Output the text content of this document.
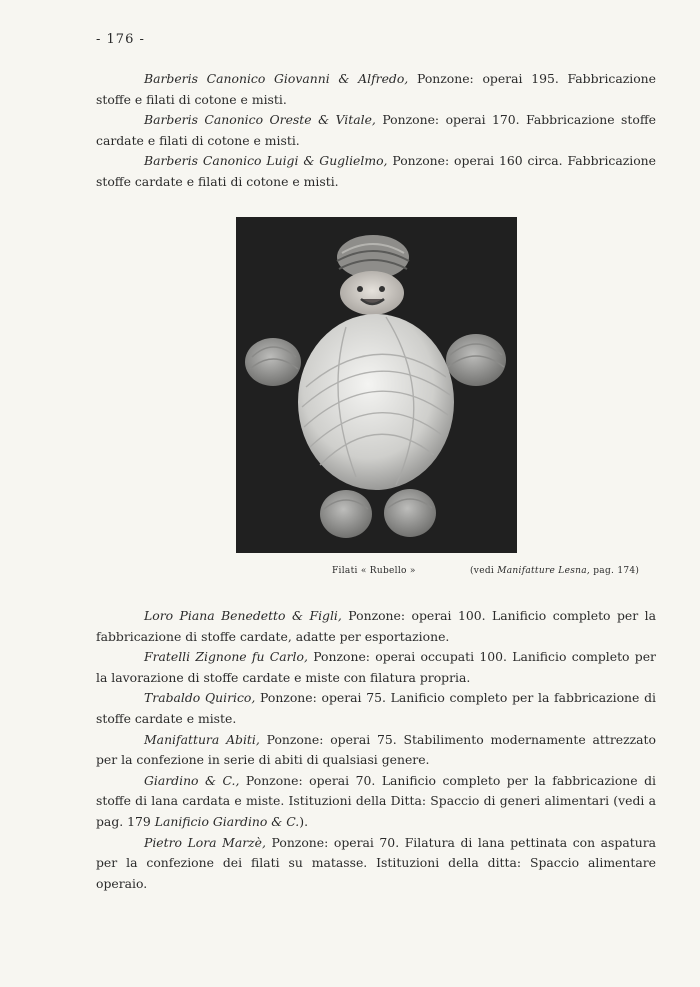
- 176 -

Barberis Canonico Giovanni & Alfredo, Ponzone: operai 195. Fabbricazione stoffe e filati di cotone e misti.

Barberis Canonico Oreste & Vitale, Ponzone: operai 170. Fabbricazione stoffe cardate e filati di cotone e misti.

Barberis Canonico Luigi & Guglielmo, Ponzone: operai 160 circa. Fabbricazione stoffe cardate e filati di cotone e misti.

Filati « Rubello »	(vedi Manifatture Lesna, pag. 174)

Loro Piana Benedetto & Figli, Ponzone: operai 100. Lanificio completo per la fabbricazione di stoffe cardate, adatte per esportazione.

Fratelli Zignone fu Carlo, Ponzone: operai occupati 100. Lanificio completo per la lavorazione di stoffe cardate e miste con filatura propria.

Trabaldo Quirico, Ponzone: operai 75. Lanificio completo per la fabbricazione di stoffe cardate e miste.

Manifattura Abiti, Ponzone: operai 75. Stabilimento modernamente attrezzato per la confezione in serie di abiti di qualsiasi genere.

Giardino & C., Ponzone: operai 70. Lanificio completo per la fabbricazione di stoffe di lana cardata e miste. Istituzioni della Ditta: Spaccio di generi alimentari (vedi a pag. 179 Lanificio Giardino & C.).

Pietro Lora Marzè, Ponzone: operai 70. Filatura di lana pettinata con aspatura per la confezione dei filati su matasse. Istituzioni della ditta: Spaccio alimentare operaio.
